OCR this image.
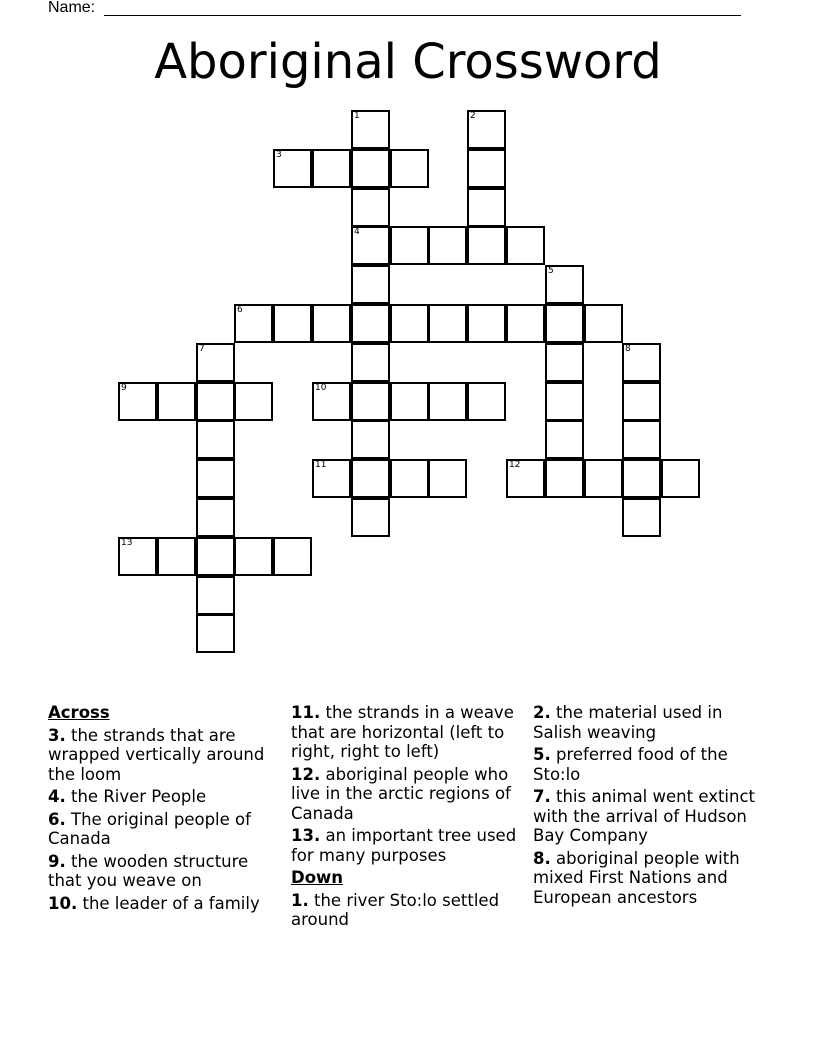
Name:
Aboriginal Crossword
1	2
3
4
5
6
7	8
9	10
11	12
13
Across
3. the strands that are wrapped vertically around the loom
4. the River People
6. The original people of Canada
9. the wooden structure that you weave on
10. the leader of a family
11. the strands in a weave that are horizontal (left to right, right to left)
12. aboriginal people who live in the arctic regions of Canada
13. an important tree used for many purposes
Down
1. the river Sto:lo settled around
2. the material used in Salish weaving
5. preferred food of the Sto:lo
7. this animal went extinct with the arrival of Hudson Bay Company
8. aboriginal people with mixed First Nations and European ancestors
